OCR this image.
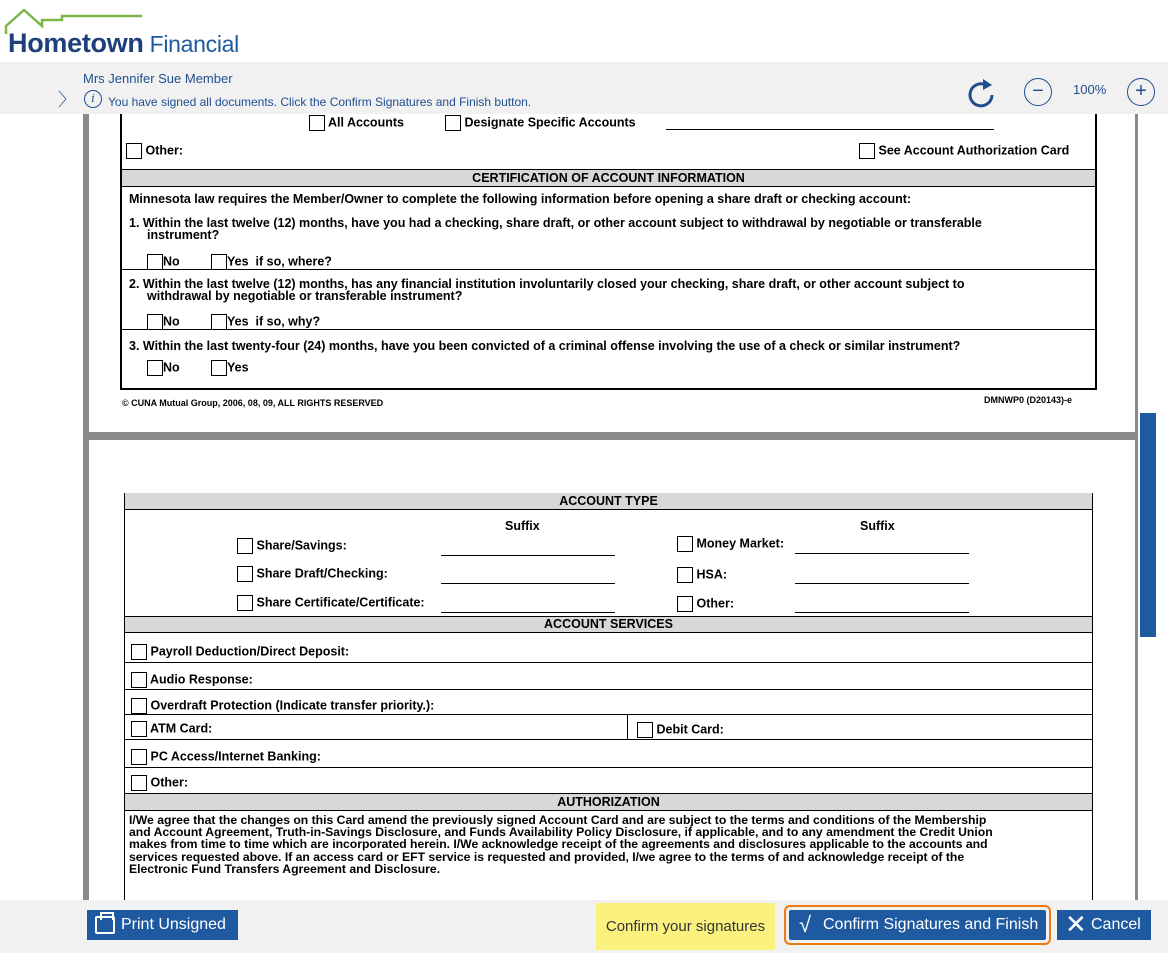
Hometown Financial
Mrs Jennifer Sue Member
〉	i	You have signed all documents. Click the Confirm Signatures and Finish button.	−	100%	+
All Accounts	Designate Specific Accounts
Other:	See Account Authorization Card
CERTIFICATION OF ACCOUNT INFORMATION
Minnesota law requires the Member/Owner to complete the following information before opening a share draft or checking account:
1. Within the last twelve (12) months, have you had a checking, share draft, or other account subject to withdrawal by negotiable or transferable
instrument?
No	Yes if so, where?
2. Within the last twelve (12) months, has any financial institution involuntarily closed your checking, share draft, or other account subject to
withdrawal by negotiable or transferable instrument?
No	Yes if so, why?
3. Within the last twenty-four (24) months, have you been convicted of a criminal offense involving the use of a check or similar instrument?
No	Yes
© CUNA Mutual Group, 2006, 08, 09, ALL RIGHTS RESERVED	DMNWP0 (D20143)-e
ACCOUNT TYPE
Suffix	Suffix
Share/Savings:	Money Market:
Share Draft/Checking:	HSA:
Share Certificate/Certificate:	Other:
ACCOUNT SERVICES
Payroll Deduction/Direct Deposit:
Audio Response:
Overdraft Protection (Indicate transfer priority.):
ATM Card:	Debit Card:
PC Access/Internet Banking:
Other:
AUTHORIZATION
I/We agree that the changes on this Card amend the previously signed Account Card and are subject to the terms and conditions of the Membership
and Account Agreement, Truth-in-Savings Disclosure, and Funds Availability Policy Disclosure, if applicable, and to any amendment the Credit Union
makes from time to time which are incorporated herein. I/We acknowledge receipt of the agreements and disclosures applicable to the accounts and
services requested above. If an access card or EFT service is requested and provided, I/we agree to the terms of and acknowledge receipt of the
Electronic Fund Transfers Agreement and Disclosure.
Print Unsigned	Confirm your signatures	√ Confirm Signatures and Finish ✕ Cancel
